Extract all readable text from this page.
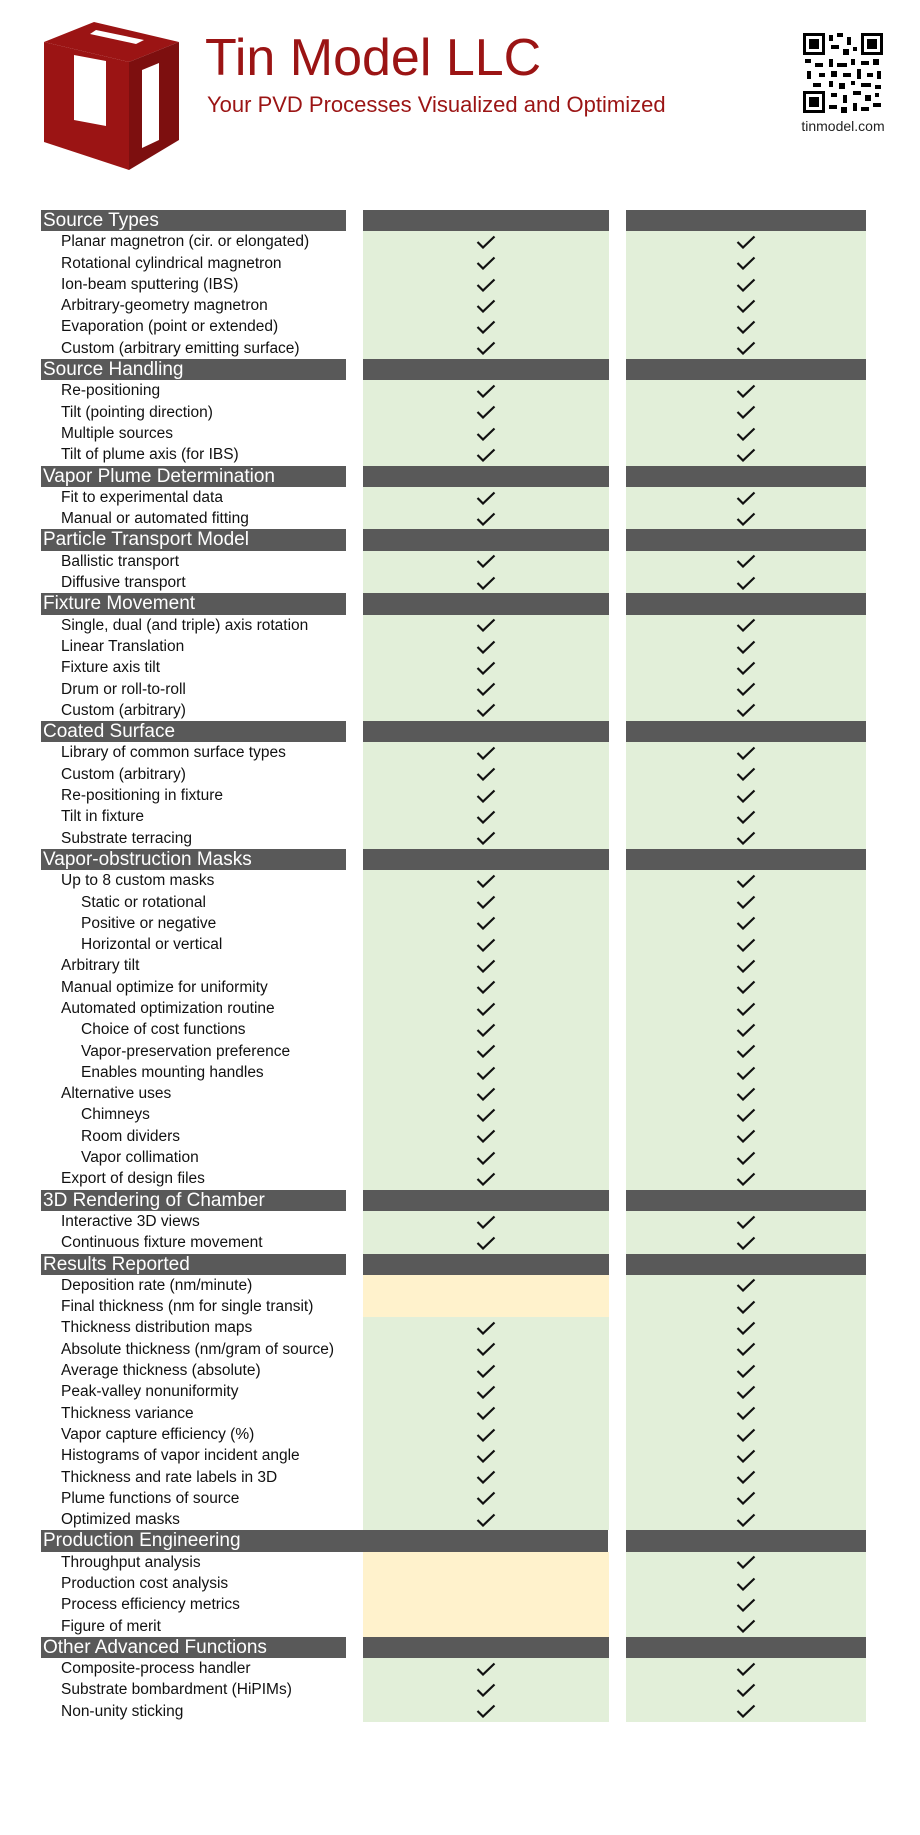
Tin Model LLC
Your PVD Processes Visualized and Optimized
tinmodel.com
Source Types
Planar magnetron (cir. or elongated)
Rotational cylindrical magnetron
Ion-beam sputtering (IBS)
Arbitrary-geometry magnetron
Evaporation (point or extended)
Custom (arbitrary emitting surface)
Source Handling
Re-positioning
Tilt (pointing direction)
Multiple sources
Tilt of plume axis (for IBS)
Vapor Plume Determination
Fit to experimental data
Manual or automated fitting
Particle Transport Model
Ballistic transport
Diffusive transport
Fixture Movement
Single, dual (and triple) axis rotation
Linear Translation
Fixture axis tilt
Drum or roll-to-roll
Custom (arbitrary)
Coated Surface
Library of common surface types
Custom (arbitrary)
Re-positioning in fixture
Tilt in fixture
Substrate terracing
Vapor-obstruction Masks
Up to 8 custom masks
Static or rotational
Positive or negative
Horizontal or vertical
Arbitrary tilt
Manual optimize for uniformity
Automated optimization routine
Choice of cost functions
Vapor-preservation preference
Enables mounting handles
Alternative uses
Chimneys
Room dividers
Vapor collimation
Export of design files
3D Rendering of Chamber
Interactive 3D views
Continuous fixture movement
Results Reported
Deposition rate (nm/minute)
Final thickness (nm for single transit)
Thickness distribution maps
Absolute thickness (nm/gram of source)
Average thickness (absolute)
Peak-valley nonuniformity
Thickness variance
Vapor capture efficiency (%)
Histograms of vapor incident angle
Thickness and rate labels in 3D
Plume functions of source
Optimized masks
Production Engineering
Throughput analysis
Production cost analysis
Process efficiency metrics
Figure of merit
Other Advanced Functions
Composite-process handler
Substrate bombardment (HiPIMs)
Non-unity sticking
